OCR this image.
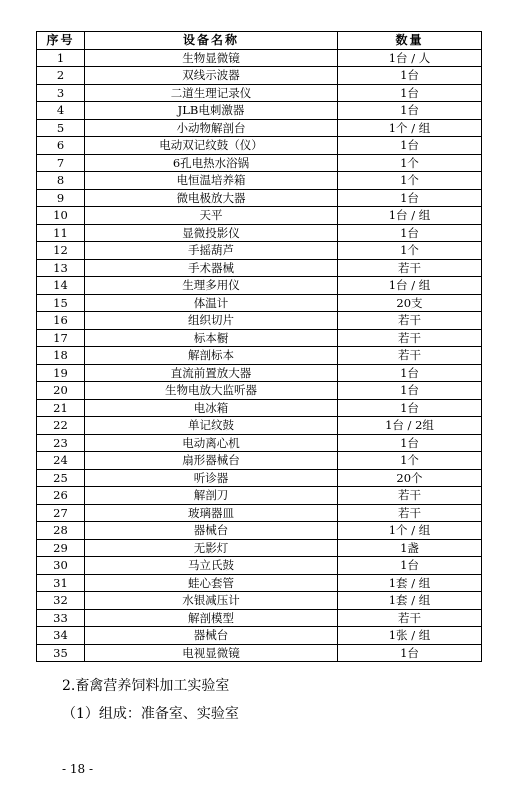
序号	设备名称	数量
1	生物显微镜	1台 / 人
2	双线示波器	1台
3	二道生理记录仪	1台
4	JLB电刺激器	1台
5	小动物解剖台	1个 / 组
6	电动双记纹鼓（仪）	1台
7	6孔电热水浴锅	1个
8	电恒温培养箱	1个
9	微电极放大器	1台
10	天平	1台 / 组
11	显微投影仪	1台
12	手摇葫芦	1个
13	手术器械	若干
14	生理多用仪	1台 / 组
15	体温计	20支
16	组织切片	若干
17	标本橱	若干
18	解剖标本	若干
19	直流前置放大器	1台
20	生物电放大监听器	1台
21	电冰箱	1台
22	单记纹鼓	1台 / 2组
23	电动离心机	1台
24	扇形器械台	1个
25	听诊器	20个
26	解剖刀	若干
27	玻璃器皿	若干
28	器械台	1个 / 组
29	无影灯	1盏
30	马立氏鼓	1台
31	蛙心套管	1套 / 组
32	水银减压计	1套 / 组
33	解剖模型	若干
34	器械台	1张 / 组
35	电视显微镜	1台
2.畜禽营养饲料加工实验室
（1）组成：准备室、实验室
- 18 -
